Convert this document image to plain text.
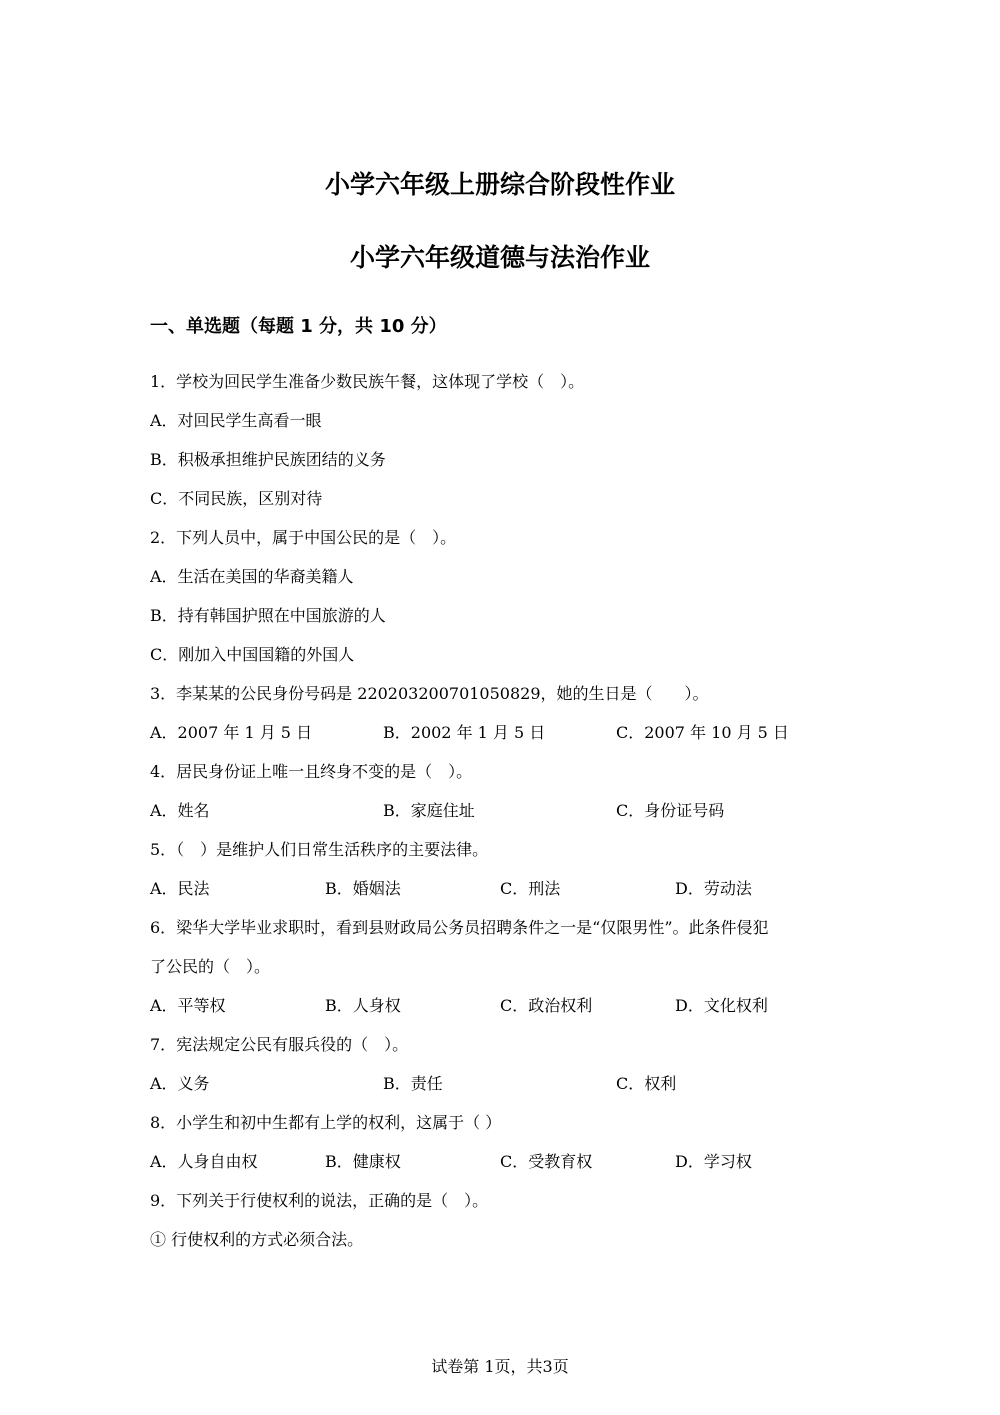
小学六年级上册综合阶段性作业
小学六年级道德与法治作业
一、单选题（每题 1 分，共 10 分）
1．学校为回民学生准备少数民族午餐，这体现了学校（　）。
A．对回民学生高看一眼
B．积极承担维护民族团结的义务
C．不同民族，区别对待
2．下列人员中，属于中国公民的是（　）。
A．生活在美国的华裔美籍人
B．持有韩国护照在中国旅游的人
C．刚加入中国国籍的外国人
3．李某某的公民身份号码是 220203200701050829，她的生日是（　　）。
A．2007 年 1 月 5 日	B．2002 年 1 月 5 日	C．2007 年 10 月 5 日
4．居民身份证上唯一且终身不变的是（　）。
A．姓名	B．家庭住址	C．身份证号码
5．（　）是维护人们日常生活秩序的主要法律。
A．民法	B．婚姻法	C．刑法	D．劳动法
6．梁华大学毕业求职时，看到县财政局公务员招聘条件之一是“仅限男性”。此条件侵犯
了公民的（　）。
A．平等权	B．人身权	C．政治权利	D．文化权利
7．宪法规定公民有服兵役的（　）。
A．义务	B．责任	C．权利
8．小学生和初中生都有上学的权利，这属于（ ）
A．人身自由权	B．健康权	C．受教育权	D．学习权
9．下列关于行使权利的说法，正确的是（　）。
① 行使权利的方式必须合法。
试卷第 1页，共3页
